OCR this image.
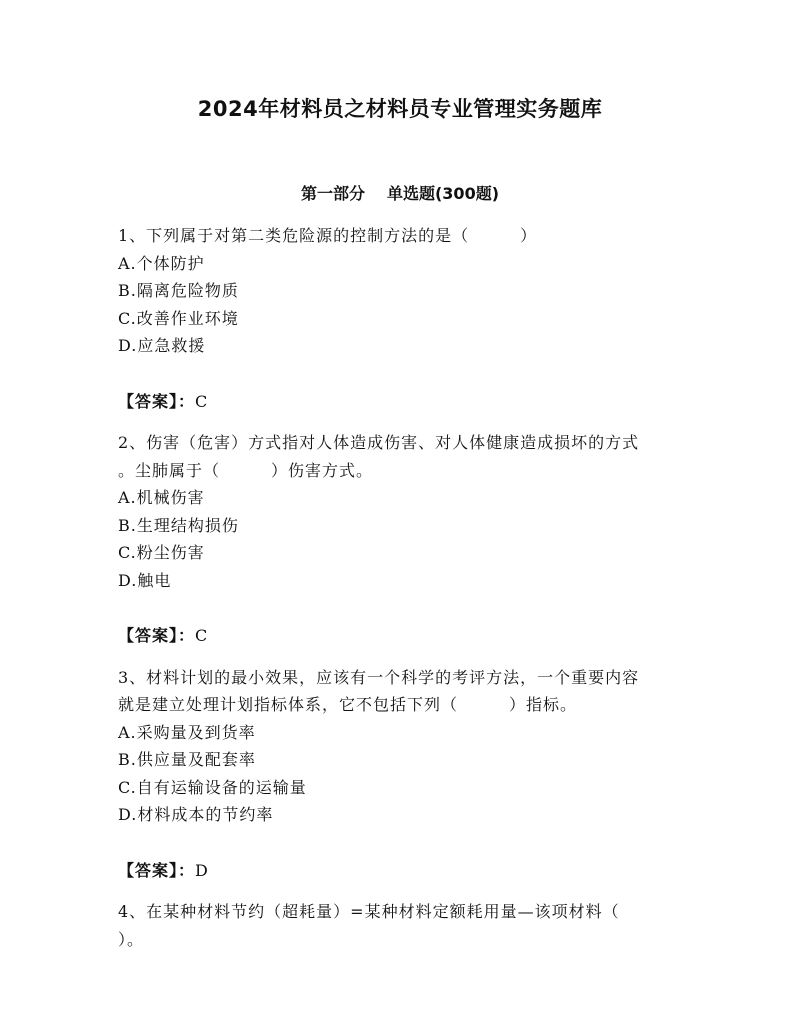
2024年材料员之材料员专业管理实务题库
第一部分 单选题(300题)
1、下列属于对第二类危险源的控制方法的是（　　　）
A.个体防护
B.隔离危险物质
C.改善作业环境
D.应急救援
【答案】：C
2、伤害（危害）方式指对人体造成伤害、对人体健康造成损坏的方式
。尘肺属于（　　　）伤害方式。
A.机械伤害
B.生理结构损伤
C.粉尘伤害
D.触电
【答案】：C
3、材料计划的最小效果，应该有一个科学的考评方法，一个重要内容
就是建立处理计划指标体系，它不包括下列（　　　）指标。
A.采购量及到货率
B.供应量及配套率
C.自有运输设备的运输量
D.材料成本的节约率
【答案】：D
4、在某种材料节约（超耗量）=某种材料定额耗用量—该项材料（
）。
